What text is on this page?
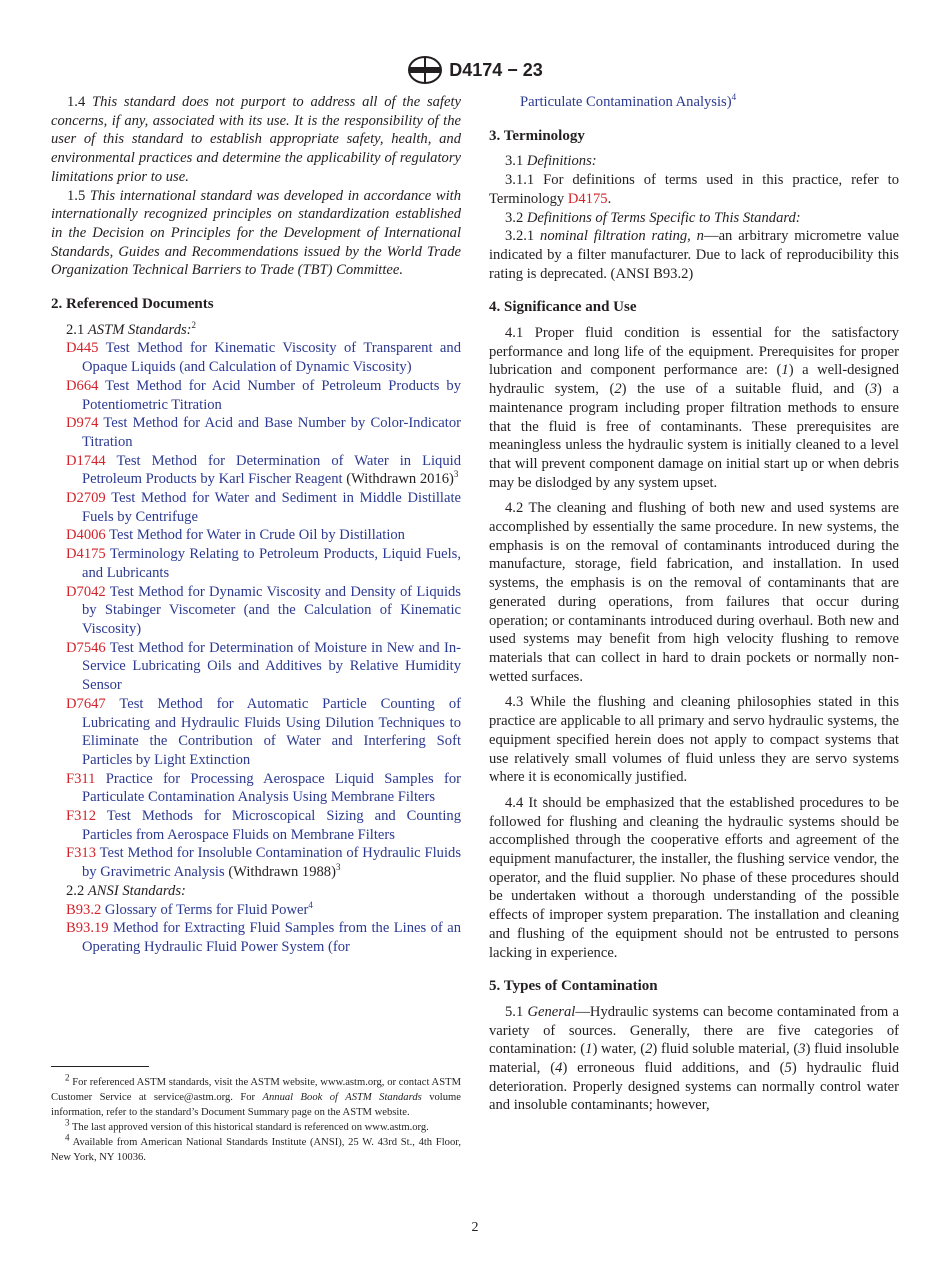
D4174 − 23

1.4 This standard does not purport to address all of the safety concerns, if any, associated with its use. It is the responsibility of the user of this standard to establish appropriate safety, health, and environmental practices and determine the applicability of regulatory limitations prior to use.

1.5 This international standard was developed in accordance with internationally recognized principles on standardization established in the Decision on Principles for the Development of International Standards, Guides and Recommendations issued by the World Trade Organization Technical Barriers to Trade (TBT) Committee.

2. Referenced Documents

2.1 ASTM Standards:$^2$

D445 Test Method for Kinematic Viscosity of Transparent and Opaque Liquids (and Calculation of Dynamic Viscosity)

D664 Test Method for Acid Number of Petroleum Products by Potentiometric Titration

D974 Test Method for Acid and Base Number by Color-Indicator Titration

D1744 Test Method for Determination of Water in Liquid Petroleum Products by Karl Fischer Reagent (Withdrawn 2016)$^3$

D2709 Test Method for Water and Sediment in Middle Distillate Fuels by Centrifuge

D4006 Test Method for Water in Crude Oil by Distillation

D4175 Terminology Relating to Petroleum Products, Liquid Fuels, and Lubricants

D7042 Test Method for Dynamic Viscosity and Density of Liquids by Stabinger Viscometer (and the Calculation of Kinematic Viscosity)

D7546 Test Method for Determination of Moisture in New and In-Service Lubricating Oils and Additives by Relative Humidity Sensor

D7647 Test Method for Automatic Particle Counting of Lubricating and Hydraulic Fluids Using Dilution Techniques to Eliminate the Contribution of Water and Interfering Soft Particles by Light Extinction

F311 Practice for Processing Aerospace Liquid Samples for Particulate Contamination Analysis Using Membrane Filters

F312 Test Methods for Microscopical Sizing and Counting Particles from Aerospace Fluids on Membrane Filters

F313 Test Method for Insoluble Contamination of Hydraulic Fluids by Gravimetric Analysis (Withdrawn 1988)$^3$

2.2 ANSI Standards:

B93.2 Glossary of Terms for Fluid Power$^4$

B93.19 Method for Extracting Fluid Samples from the Lines of an Operating Hydraulic Fluid Power System (for

$^2$ For referenced ASTM standards, visit the ASTM website, www.astm.org, or contact ASTM Customer Service at service@astm.org. For Annual Book of ASTM Standards volume information, refer to the standard’s Document Summary page on the ASTM website.

$^3$ The last approved version of this historical standard is referenced on www.astm.org.

$^4$ Available from American National Standards Institute (ANSI), 25 W. 43rd St., 4th Floor, New York, NY 10036.

Particulate Contamination Analysis)$^4$

3. Terminology

3.1 Definitions:

3.1.1 For definitions of terms used in this practice, refer to Terminology D4175.

3.2 Definitions of Terms Specific to This Standard:

3.2.1 nominal filtration rating, n—an arbitrary micrometre value indicated by a filter manufacturer. Due to lack of reproducibility this rating is deprecated. (ANSI B93.2)

4. Significance and Use

4.1 Proper fluid condition is essential for the satisfactory performance and long life of the equipment. Prerequisites for proper lubrication and component performance are: (1) a well-designed hydraulic system, (2) the use of a suitable fluid, and (3) a maintenance program including proper filtration methods to ensure that the fluid is free of contaminants. These prerequisites are meaningless unless the hydraulic system is initially cleaned to a level that will prevent component damage on initial start up or when debris may be dislodged by any system upset.

4.2 The cleaning and flushing of both new and used systems are accomplished by essentially the same procedure. In new systems, the emphasis is on the removal of contaminants introduced during the manufacture, storage, field fabrication, and installation. In used systems, the emphasis is on the removal of contaminants that are generated during operations, from failures that occur during operation; or contaminants introduced during overhaul. Both new and used systems may benefit from high velocity flushing to remove materials that can collect in hard to drain pockets or normally non-wetted surfaces.

4.3 While the flushing and cleaning philosophies stated in this practice are applicable to all primary and servo hydraulic systems, the equipment specified herein does not apply to compact systems that use relatively small volumes of fluid unless they are servo systems where it is economically justified.

4.4 It should be emphasized that the established procedures to be followed for flushing and cleaning the hydraulic systems should be accomplished through the cooperative efforts and agreement of the equipment manufacturer, the installer, the flushing service vendor, the operator, and the fluid supplier. No phase of these procedures should be undertaken without a thorough understanding of the possible effects of improper system preparation. The installation and cleaning and flushing of the equipment should not be entrusted to persons lacking in experience.

5. Types of Contamination

5.1 General—Hydraulic systems can become contaminated from a variety of sources. Generally, there are five categories of contamination: (1) water, (2) fluid soluble material, (3) fluid insoluble material, (4) erroneous fluid additions, and (5) hydraulic fluid deterioration. Properly designed systems can normally control water and insoluble contaminants; however,

2
